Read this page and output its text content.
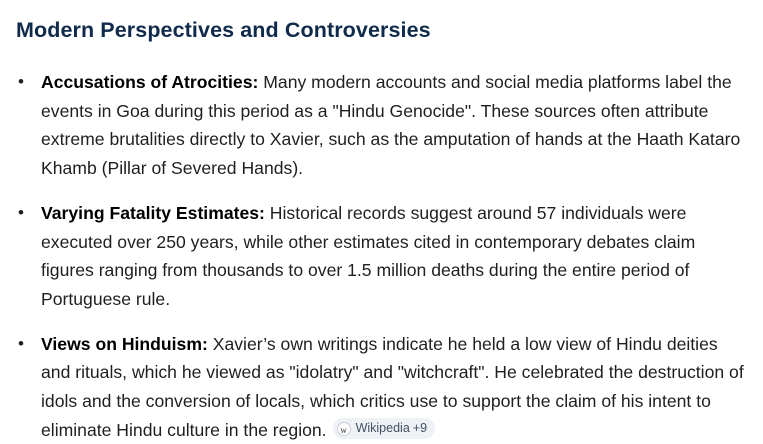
Modern Perspectives and Controversies
• Accusations of Atrocities: Many modern accounts and social media platforms label the events in Goa during this period as a "Hindu Genocide". These sources often attribute extreme brutalities directly to Xavier, such as the amputation of hands at the Haath Kataro Khamb (Pillar of Severed Hands).
• Varying Fatality Estimates: Historical records suggest around 57 individuals were executed over 250 years, while other estimates cited in contemporary debates claim figures ranging from thousands to over 1.5 million deaths during the entire period of Portuguese rule.
• Views on Hinduism: Xavier’s own writings indicate he held a low view of Hindu deities and rituals, which he viewed as "idolatry" and "witchcraft". He celebrated the destruction of idols and the conversion of locals, which critics use to support the claim of his intent to eliminate Hindu culture in the region.	w Wikipedia +9
